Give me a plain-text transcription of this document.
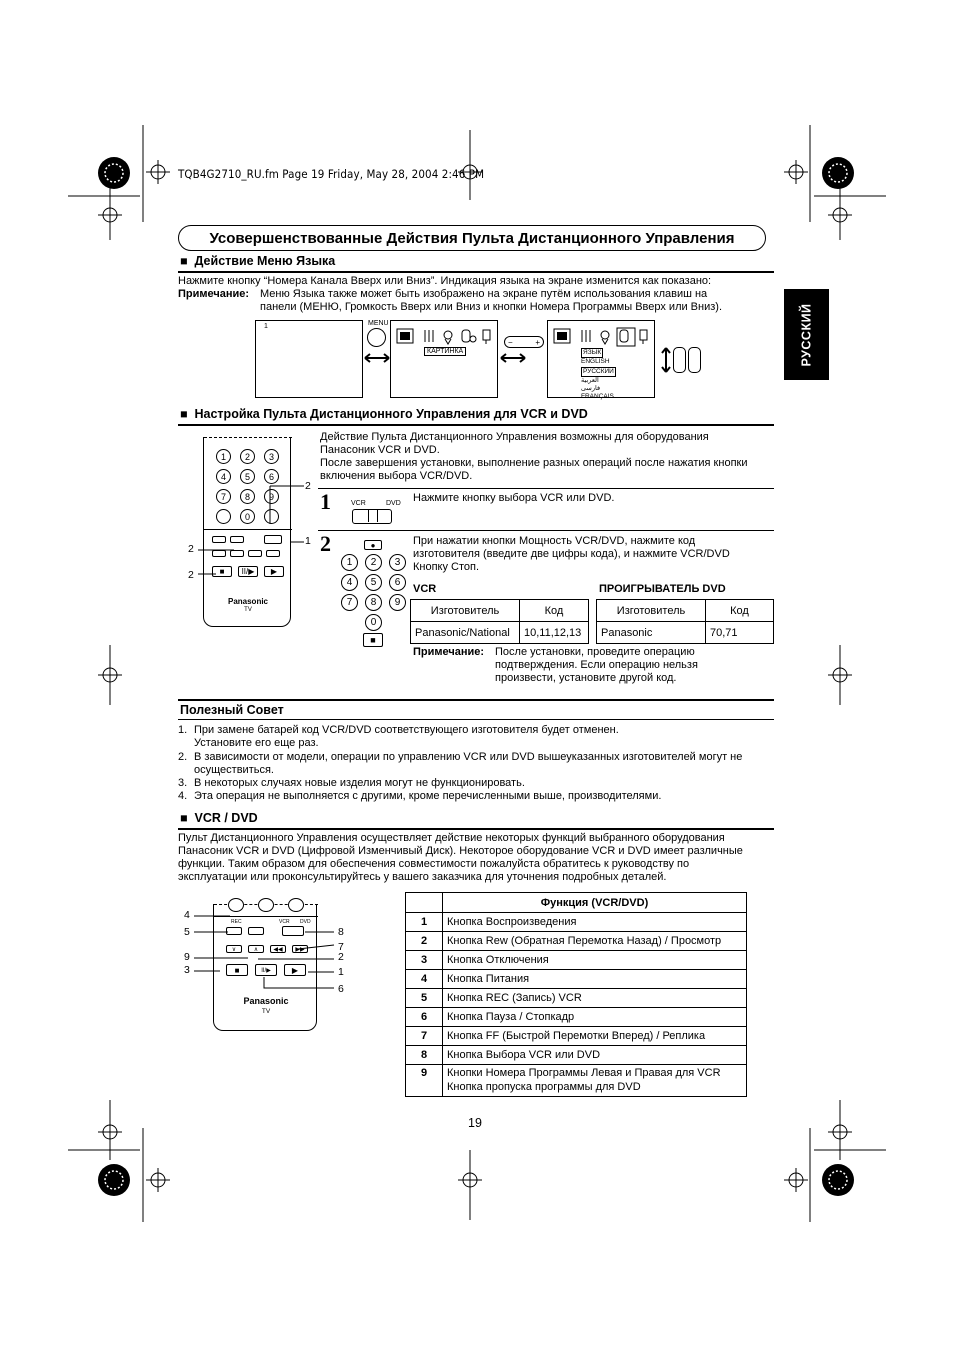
TQB4G2710_RU.fm Page 19 Friday, May 28, 2004 2:46 PM
Усовершенствованные Действия Пульта Дистанционного Управления
РУССКИЙ
■  Действие Меню Языка
Нажмите кнопку “Номера Канала Вверх или Вниз”. Индикация языка на экране изменится как показано:
Примечание: Меню Языка также может быть изображено на экране путём использования клавиш на
панели (МЕНЮ, Громкость Вверх или Вниз и кнопки Номера Программы Вверх или Вниз).
1	MENU
КАРТИНКА
−	+
ЯЗЫК
ENGLISH
РУССКИЙ
العربية
فارسى
FRANÇAIS
■  Настройка Пульта Дистанционного Управления для VCR и DVD
1	2	3
4	5	6
7	8	9
0
■	II/▶	▶
Panasonic
TV
2
1
2
2
Действие Пульта Дистанционного Управления возможны для оборудования
Панасоник VCR и DVD.
После завершения установки, выполнение разных операций после нажатия кнопки
включения выбора VCR/DVD.
1	VCR	DVD Нажмите кнопку выбора VCR или DVD.
2	●
1	2	3
4	5	6
7	8	9
0
■
При нажатии кнопки Мощность VCR/DVD, нажмите код
изготовителя (введите две цифры кода), и нажмите VCR/DVD
Кнопку Стоп.
VCR	ПРОИГРЫВАТЕЛЬ DVD
Изготовитель	Код
Panasonic/National	10,11,12,13
Изготовитель	Код
Panasonic	70,71
Примечание: После установки, проведите операцию
подтверждения. Если операцию нельзя
произвести, установите другой код.
Полезный Совет
1. При замене батарей код VCR/DVD соответствующего изготовителя будет отменен.
Установите его еще раз.
2. В зависимости от модели, операции по управлению VCR или DVD вышеуказанных изготовителей могут не
осуществиться.
3. В некоторых случаях новые изделия могут не функционировать.
4. Эта операция не выполняется с другими, кроме перечисленными выше, производителями.
■  VCR / DVD
Пульт Дистанционного Управления осуществляет действие некоторых функций выбранного оборудования
Панасоник VCR и DVD (Цифровой Изменчивый Диск). Некоторое оборудование VCR и DVD имеет различные
функции. Таким образом для обеспечения совместимости пожалуйста обратитесь к руководству по
эксплуатации или проконсультируйтесь у вашего заказчика для уточнения подробных деталей.
REC	VCR DVD
∨	∧	◀◀	▶▶
■	II/▶	▶
Panasonic
TV
4
5
9
3
8
7
2
1
6
	Функция (VCR/DVD)
1	Кнопка Воспроизведения
2	Кнопка Rew (Обратная Перемотка Назад) / Просмотр
3	Кнопка Отключения
4	Кнопка Питания
5	Кнопка REC (Запись) VCR
6	Кнопка Пауза / Стопкадр
7	Кнопка FF (Быстрой Перемотки Вперед) / Реплика
8	Кнопка Выбора VCR или DVD
9	Кнопки Номера Программы Левая и Правая для VCR
Кнопка пропуска программы для DVD
19
